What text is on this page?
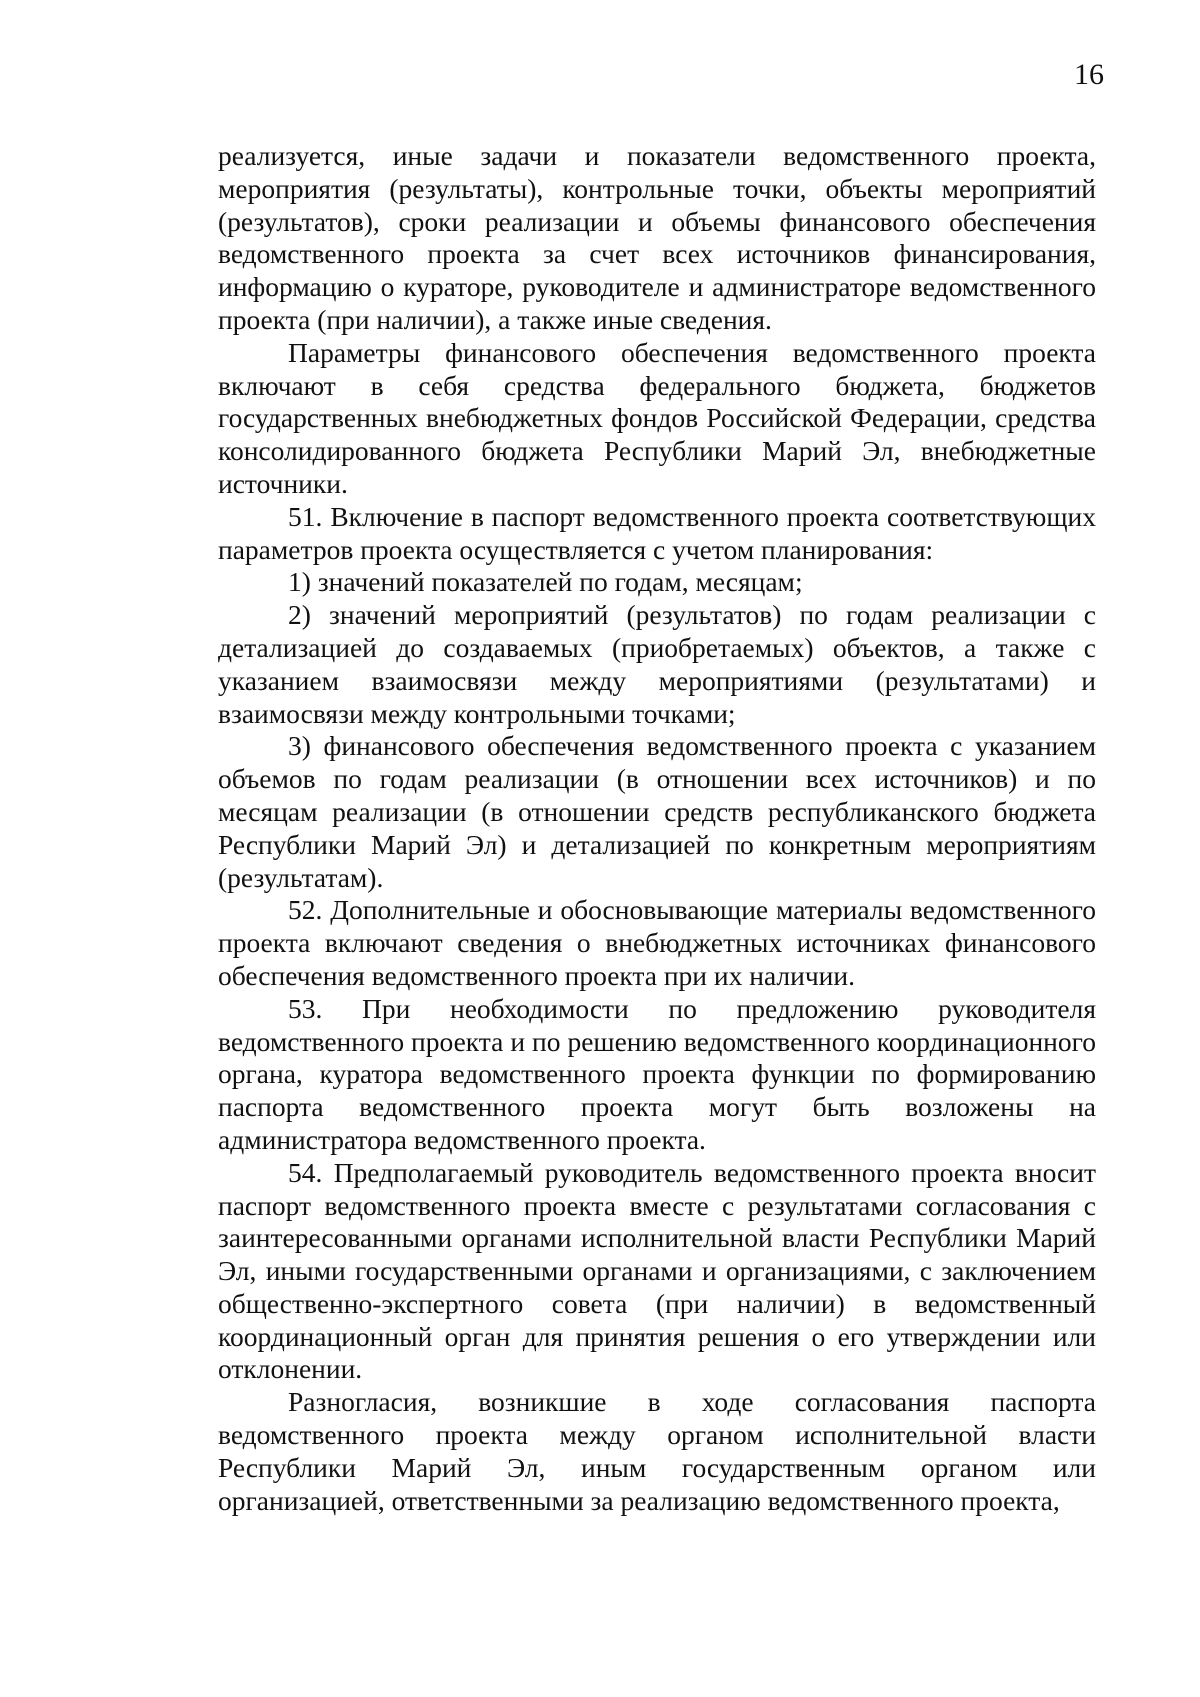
16

реализуется, иные задачи и показатели ведомственного проекта, мероприятия (результаты), контрольные точки, объекты мероприятий (результатов), сроки реализации и объемы финансового обеспечения ведомственного проекта за счет всех источников финансирования, информацию о кураторе, руководителе и администраторе ведомственного проекта (при наличии), а также иные сведения.

Параметры финансового обеспечения ведомственного проекта включают в себя средства федерального бюджета, бюджетов государственных внебюджетных фондов Российской Федерации, средства консолидированного бюджета Республики Марий Эл, внебюджетные источники.

51. Включение в паспорт ведомственного проекта соответствующих параметров проекта осуществляется с учетом планирования:

1) значений показателей по годам, месяцам;

2) значений мероприятий (результатов) по годам реализации с детализацией до создаваемых (приобретаемых) объектов, а также с указанием взаимосвязи между мероприятиями (результатами) и взаимосвязи между контрольными точками;

3) финансового обеспечения ведомственного проекта с указанием объемов по годам реализации (в отношении всех источников) и по месяцам реализации (в отношении средств республиканского бюджета Республики Марий Эл) и детализацией по конкретным мероприятиям (результатам).

52. Дополнительные и обосновывающие материалы ведомственного проекта включают сведения о внебюджетных источниках финансового обеспечения ведомственного проекта при их наличии.

53. При необходимости по предложению руководителя ведомственного проекта и по решению ведомственного координационного органа, куратора ведомственного проекта функции по формированию паспорта ведомственного проекта могут быть возложены на администратора ведомственного проекта.

54. Предполагаемый руководитель ведомственного проекта вносит паспорт ведомственного проекта вместе с результатами согласования с заинтересованными органами исполнительной власти Республики Марий Эл, иными государственными органами и организациями, с заключением общественно-экспертного совета (при наличии) в ведомственный координационный орган для принятия решения о его утверждении или отклонении.

Разногласия, возникшие в ходе согласования паспорта ведомственного проекта между органом исполнительной власти Республики Марий Эл, иным государственным органом или организацией, ответственными за реализацию ведомственного проекта,
